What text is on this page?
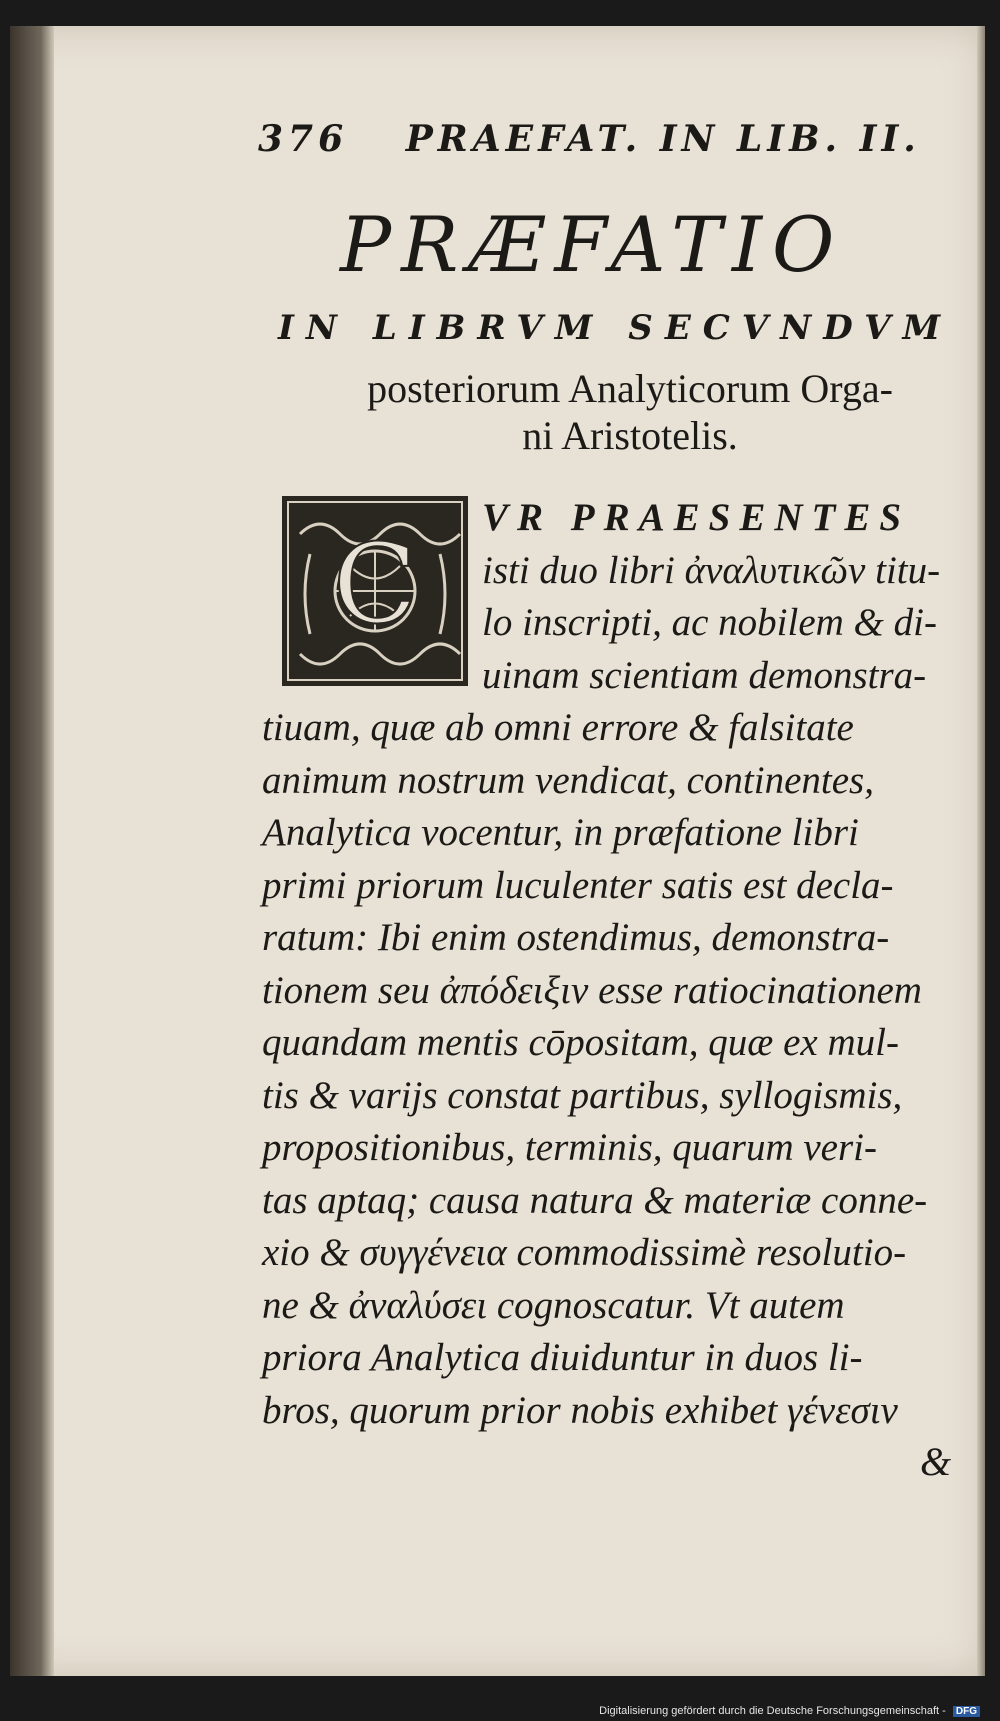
376 PRAEFAT. IN LIB. II.
PRÆFATIO
IN LIBRVM SECVNDVM
posteriorum Analyticorum Orga-
ni Aristotelis.
C
VR PRAESENTES
isti duo libri ἀναλυτικῶν titu-
lo inscripti, ac nobilem & di-
uinam scientiam demonstra-
tiuam, quæ ab omni errore & falsitate
animum nostrum vendicat, continentes,
Analytica vocentur, in præfatione libri
primi priorum luculenter satis est decla-
ratum: Ibi enim ostendimus, demonstra-
tionem seu ἀπόδειξιν esse ratiocinationem
quandam mentis cōpositam, quæ ex mul-
tis & varijs constat partibus, syllogismis,
propositionibus, terminis, quarum veri-
tas aptaq; causa natura & materiæ conne-
xio & συγγένεια commodissimè resolutio-
ne & ἀναλύσει cognoscatur. Vt autem
priora Analytica diuiduntur in duos li-
bros, quorum prior nobis exhibet γένεσιν
&
Digitalisierung gefördert durch die Deutsche Forschungsgemeinschaft - DFG
